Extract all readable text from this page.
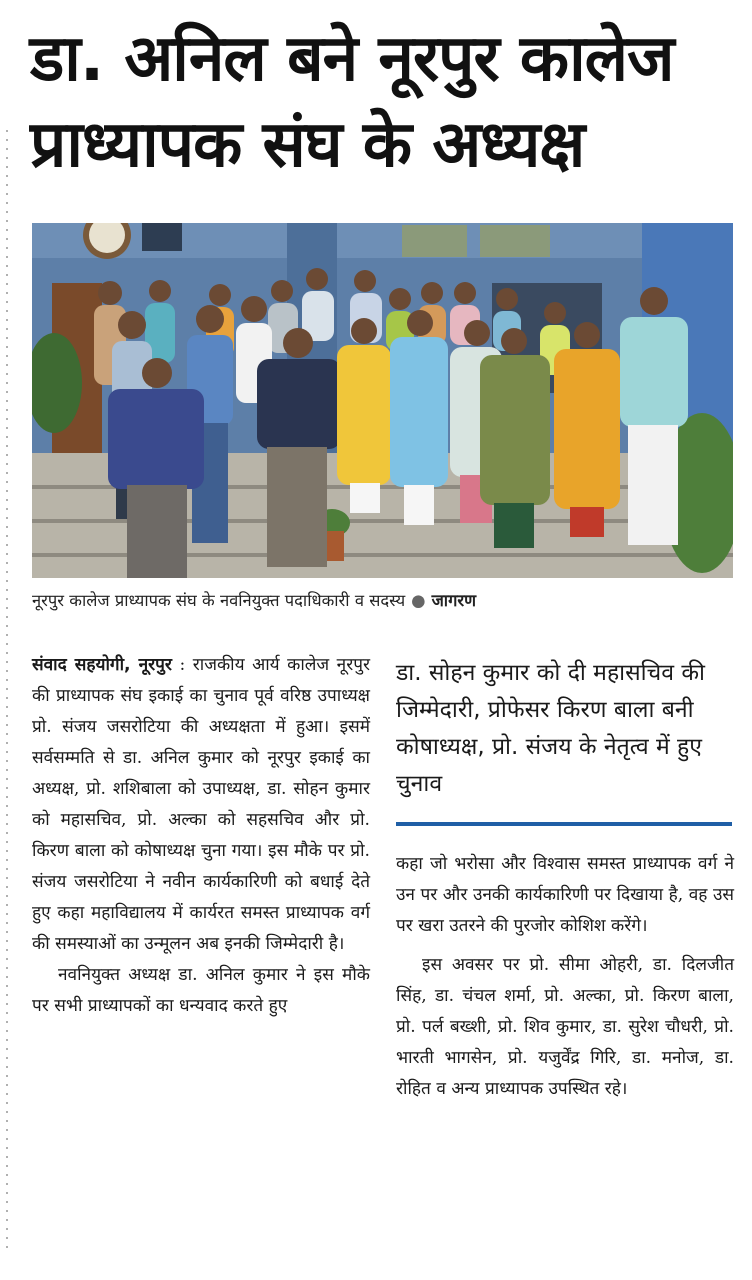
डा. अनिल बने नूरपुर कालेज
प्राध्यापक संघ के अध्यक्ष
नूरपुर कालेज प्राध्यापक संघ के नवनियुक्त पदाधिकारी व सदस्य ● जागरण

संवाद सहयोगी, नूरपुर : राजकीय आर्य कालेज नूरपुर की प्राध्यापक संघ इकाई का चुनाव पूर्व वरिष्ठ उपाध्यक्ष प्रो. संजय जसरोटिया की अध्यक्षता में हुआ। इसमें सर्वसम्मति से डा. अनिल कुमार को नूरपुर इकाई का अध्यक्ष, प्रो. शशिबाला को उपाध्यक्ष, डा. सोहन कुमार को महासचिव, प्रो. अल्का को सहसचिव और प्रो. किरण बाला को कोषाध्यक्ष चुना गया। इस मौके पर प्रो. संजय जसरोटिया ने नवीन कार्यकारिणी को बधाई देते हुए कहा महाविद्यालय में कार्यरत समस्त प्राध्यापक वर्ग की समस्याओं का उन्मूलन अब इनकी जिम्मेदारी है।

नवनियुक्त अध्यक्ष डा. अनिल कुमार ने इस मौके पर सभी प्राध्यापकों का धन्यवाद करते हुए

डा. सोहन कुमार को दी महासचिव की जिम्मेदारी, प्रोफेसर किरण बाला बनी कोषाध्यक्ष, प्रो. संजय के नेतृत्व में हुए चुनाव

कहा जो भरोसा और विश्वास समस्त प्राध्यापक वर्ग ने उन पर और उनकी कार्यकारिणी पर दिखाया है, वह उस पर खरा उतरने की पुरजोर कोशिश करेंगे।

इस अवसर पर प्रो. सीमा ओहरी, डा. दिलजीत सिंह, डा. चंचल शर्मा, प्रो. अल्का, प्रो. किरण बाला, प्रो. पर्ल बख्शी, प्रो. शिव कुमार, डा. सुरेश चौधरी, प्रो. भारती भागसेन, प्रो. यजुर्वेंद्र गिरि, डा. मनोज, डा. रोहित व अन्य प्राध्यापक उपस्थित रहे।
